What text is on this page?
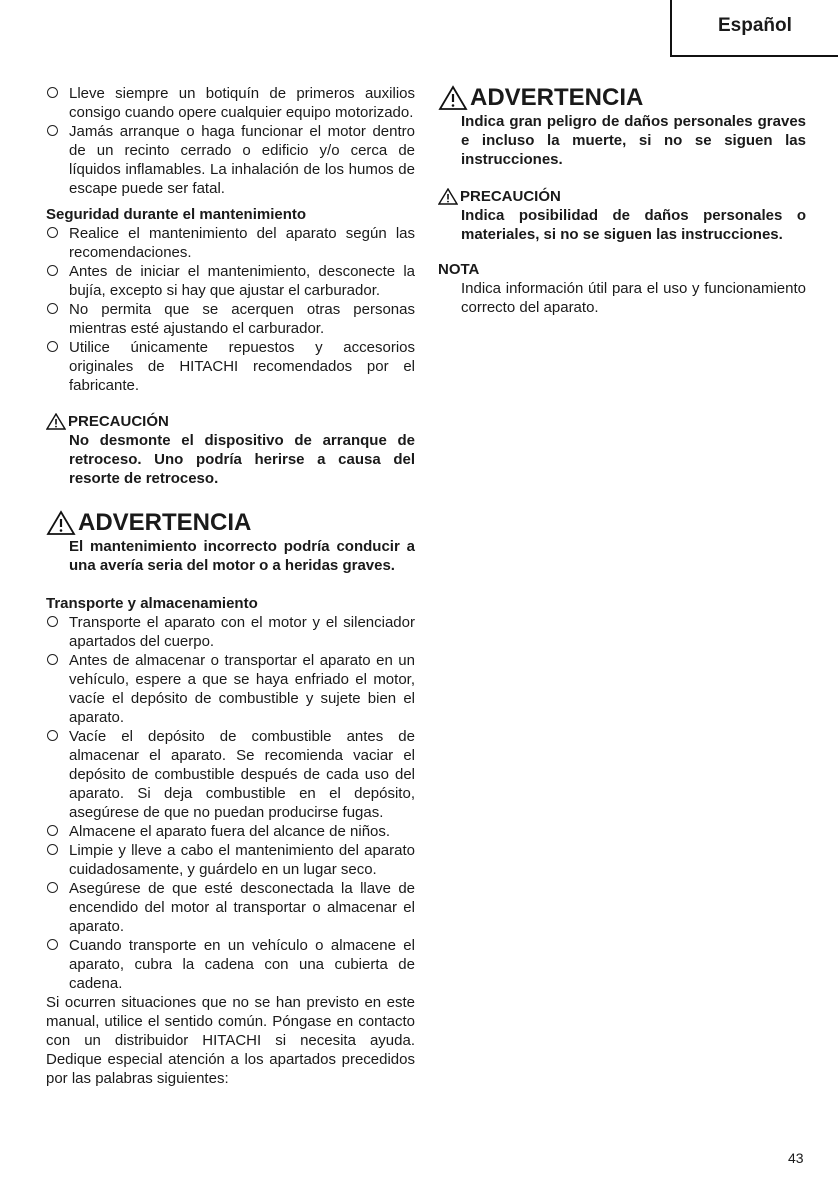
Español
Lleve siempre un botiquín de primeros auxilios consigo cuando opere cualquier equipo motorizado.
Jamás arranque o haga funcionar el motor dentro de un recinto cerrado o edificio y/o cerca de líquidos inflamables. La inhalación de los humos de escape puede ser fatal.
Seguridad durante el mantenimiento
Realice el mantenimiento del aparato según las recomendaciones.
Antes de iniciar el mantenimiento, desconecte la bujía, excepto si hay que ajustar el carburador.
No permita que se acerquen otras personas mientras esté ajustando el carburador.
Utilice únicamente repuestos y accesorios originales de HITACHI recomendados por el fabricante.
PRECAUCIÓN
No desmonte el dispositivo de arranque de retroceso. Uno podría herirse a causa del resorte de retroceso.
ADVERTENCIA
El mantenimiento incorrecto podría conducir a una avería seria del motor o a heridas graves.
Transporte y almacenamiento
Transporte el aparato con el motor y el silenciador apartados del cuerpo.
Antes de almacenar o transportar el aparato en un vehículo, espere a que se haya enfriado el motor, vacíe el depósito de combustible y sujete bien el aparato.
Vacíe el depósito de combustible antes de almacenar el aparato. Se recomienda vaciar el depósito de combustible después de cada uso del aparato. Si deja combustible en el depósito, asegúrese de que no puedan producirse fugas.
Almacene el aparato fuera del alcance de niños.
Limpie y lleve a cabo el mantenimiento del aparato cuidadosamente, y guárdelo en un lugar seco.
Asegúrese de que esté desconectada la llave de encendido del motor al transportar o almacenar el aparato.
Cuando transporte en un vehículo o almacene el aparato, cubra la cadena con una cubierta de cadena.
Si ocurren situaciones que no se han previsto en este manual, utilice el sentido común. Póngase en contacto con un distribuidor HITACHI si necesita ayuda. Dedique especial atención a los apartados precedidos por las palabras siguientes:
ADVERTENCIA
Indica gran peligro de daños personales graves e incluso la muerte, si no se siguen las instrucciones.
PRECAUCIÓN
Indica posibilidad de daños personales o materiales, si no se siguen las instrucciones.
NOTA
Indica información útil para el uso y funcionamiento correcto del aparato.
43
